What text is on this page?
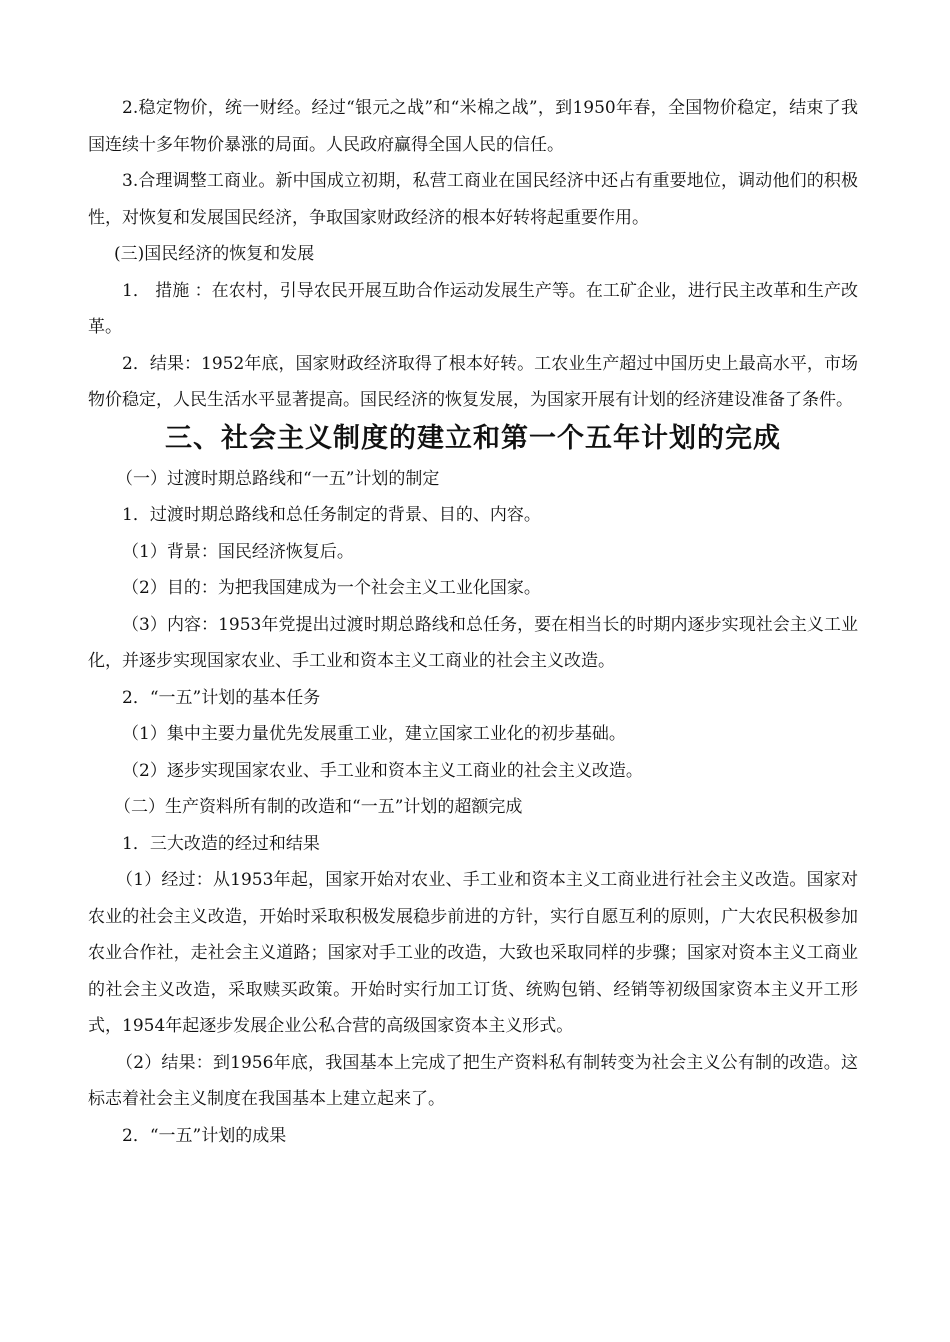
2.稳定物价，统一财经。经过“银元之战”和“米棉之战”，到1950年春，全国物价稳定，结束了我国连续十多年物价暴涨的局面。人民政府赢得全国人民的信任。

3.合理调整工商业。新中国成立初期，私营工商业在国民经济中还占有重要地位，调动他们的积极性，对恢复和发展国民经济，争取国家财政经济的根本好转将起重要作用。

(三)国民经济的恢复和发展

1． 措施 ：在农村，引导农民开展互助合作运动发展生产等。在工矿企业，进行民主改革和生产改革。

2．结果：1952年底，国家财政经济取得了根本好转。工农业生产超过中国历史上最高水平，市场物价稳定，人民生活水平显著提高。国民经济的恢复发展，为国家开展有计划的经济建设准备了条件。

三、社会主义制度的建立和第一个五年计划的完成

（一）过渡时期总路线和“一五”计划的制定

1．过渡时期总路线和总任务制定的背景、目的、内容。

（1）背景：国民经济恢复后。

（2）目的：为把我国建成为一个社会主义工业化国家。

（3）内容：1953年党提出过渡时期总路线和总任务，要在相当长的时期内逐步实现社会主义工业化，并逐步实现国家农业、手工业和资本主义工商业的社会主义改造。

2．“一五”计划的基本任务

（1）集中主要力量优先发展重工业，建立国家工业化的初步基础。

（2）逐步实现国家农业、手工业和资本主义工商业的社会主义改造。

（二）生产资料所有制的改造和“一五”计划的超额完成

1．三大改造的经过和结果

（1）经过：从1953年起，国家开始对农业、手工业和资本主义工商业进行社会主义改造。国家对农业的社会主义改造，开始时采取积极发展稳步前进的方针，实行自愿互利的原则，广大农民积极参加农业合作社，走社会主义道路；国家对手工业的改造，大致也采取同样的步骤；国家对资本主义工商业的社会主义改造，采取赎买政策。开始时实行加工订货、统购包销、经销等初级国家资本主义开工形式，1954年起逐步发展企业公私合营的高级国家资本主义形式。

（2）结果：到1956年底，我国基本上完成了把生产资料私有制转变为社会主义公有制的改造。这标志着社会主义制度在我国基本上建立起来了。

2．“一五”计划的成果
